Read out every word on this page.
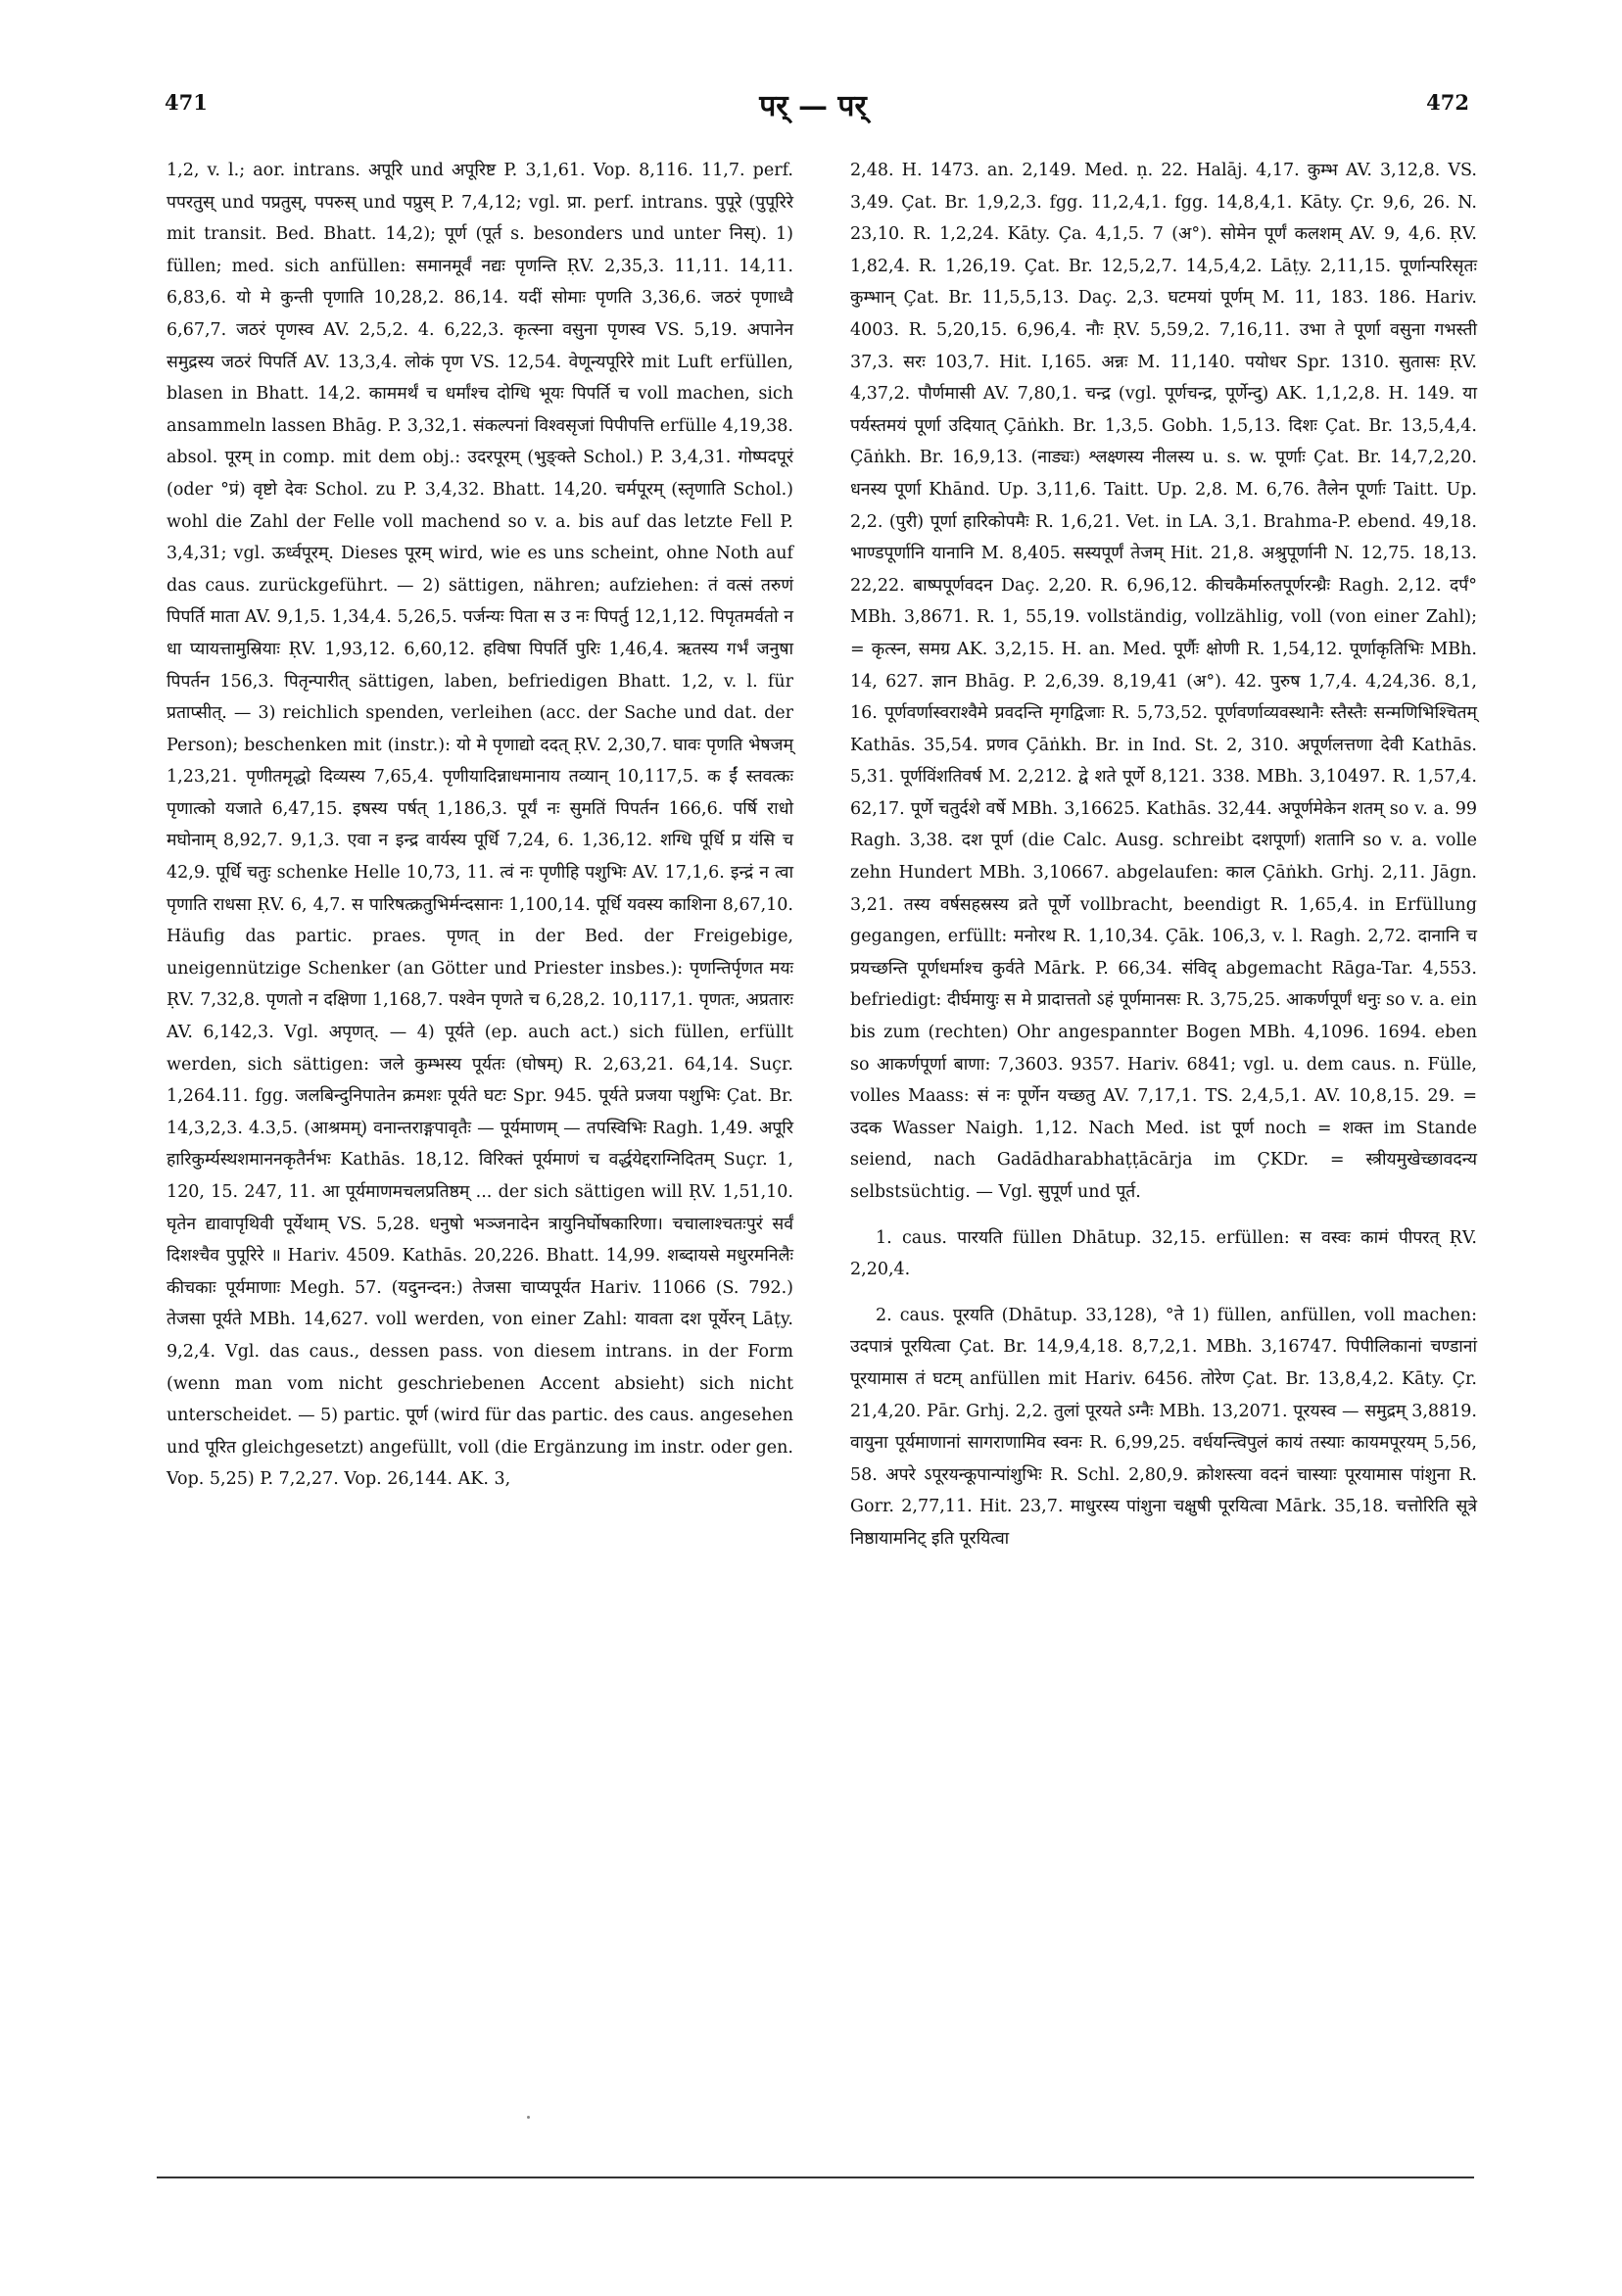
471	पर् — पर्	472

1,2, v. l.; aor. intrans. अपूरि und अपूरिष्ट P. 3,1,61. Vop. 8,116. 11,7. perf. पपरतुस् und पप्रतुस्, पपरुस् und पप्रुस् P. 7,4,12; vgl. प्रा. perf. intrans. पुपूरे (पुपूरिरे mit transit. Bed. Bhatt. 14,2); पूर्ण (पूर्त s. besonders und unter निस्). 1) füllen; med. sich anfüllen: समानमूर्वं नद्यः पृणन्ति ṚV. 2,35,3. 11,11. 14,11. 6,83,6. यो मे कुन्ती पृणाति 10,28,2. 86,14. यदीं सोमाः पृणति 3,36,6. जठरं पृणाध्वै 6,67,7. जठरं पृणस्व AV. 2,5,2. 4. 6,22,3. कृत्स्ना वसुना पृणस्व VS. 5,19. अपानेन समुद्रस्य जठरं पिपर्ति AV. 13,3,4. लोकं पृण VS. 12,54. वेणून्यपूरिरे mit Luft erfüllen, blasen in Bhatt. 14,2. काममर्थं च धर्मांश्च दोग्धि भूयः पिपर्ति च voll machen, sich ansammeln lassen Bhāg. P. 3,32,1. संकल्पनां विश्वसृजां पिपीपत्ति erfülle 4,19,38. absol. पूरम् in comp. mit dem obj.: उदरपूरम् (भुङ्क्ते Schol.) P. 3,4,31. गोष्पदपूरं (oder °प्रं) वृष्टो देवः Schol. zu P. 3,4,32. Bhatt. 14,20. चर्मपूरम् (स्तृणाति Schol.) wohl die Zahl der Felle voll machend so v. a. bis auf das letzte Fell P. 3,4,31; vgl. ऊर्ध्वपूरम्. Dieses पूरम् wird, wie es uns scheint, ohne Noth auf das caus. zurückgeführt. — 2) sättigen, nähren; aufziehen: तं वत्सं तरुणं पिपर्ति माता AV. 9,1,5. 1,34,4. 5,26,5. पर्जन्यः पिता स उ नः पिपर्तु 12,1,12. पिपृतमर्वतो न धा प्यायत्तामुस्रियाः ṚV. 1,93,12. 6,60,12. हविषा पिपर्ति पुरिः 1,46,4. ऋतस्य गर्भं जनुषा पिपर्तन 156,3. पितृन्पारीत् sättigen, laben, befriedigen Bhatt. 1,2, v. l. für प्रताप्सीत्. — 3) reichlich spenden, verleihen (acc. der Sache und dat. der Person); beschenken mit (instr.): यो मे पृणाद्यो ददत् ṚV. 2,30,7. घावः पृणति भेषजम् 1,23,21. पृणीतमृद्धो दिव्यस्य 7,65,4. पृणीयादिन्नाधमानाय तव्यान् 10,117,5. क ईं स्तवत्कः पृणात्को यजाते 6,47,15. इषस्य पर्षत् 1,186,3. पूर्यं नः सुमतिं पिपर्तन 166,6. पर्षि राधो मघोनाम् 8,92,7. 9,1,3. एवा न इन्द्र वार्यस्य पूर्धि 7,24, 6. 1,36,12. शग्धि पूर्धि प्र यंसि च 42,9. पूर्धि चतुः schenke Helle 10,73, 11. त्वं नः पृणीहि पशुभिः AV. 17,1,6. इन्द्रं न त्वा पृणाति राधसा ṚV. 6, 4,7. स पारिषत्क्रतुभिर्मन्दसानः 1,100,14. पूर्धि यवस्य काशिना 8,67,10. Häufig das partic. praes. पृणत् in der Bed. der Freigebige, uneigennützige Schenker (an Götter und Priester insbes.): पृणन्तिर्पृणत मयः ṚV. 7,32,8. पृणतो न दक्षिणा 1,168,7. पश्वेन पृणते च 6,28,2. 10,117,1. पृणतः, अप्रतारः AV. 6,142,3. Vgl. अपृणत्. — 4) पूर्यते (ep. auch act.) sich füllen, erfüllt werden, sich sättigen: जले कुम्भस्य पूर्यतः (घोषम्) R. 2,63,21. 64,14. Suçr. 1,264.11. fgg. जलबिन्दुनिपातेन क्रमशः पूर्यते घटः Spr. 945. पूर्यते प्रजया पशुभिः Çat. Br. 14,3,2,3. 4.3,5. (आश्रमम्) वनान्तराङ्गपावृतैः — पूर्यमाणम् — तपस्विभिः Ragh. 1,49. अपूरि हारिकुर्म्यस्थशमाननकृतैर्नभः Kathās. 18,12. विरिक्तं पूर्यमाणं च वर्द्धयेद्दराग्निदितम् Suçr. 1, 120, 15. 247, 11. आ पूर्यमाणमचलप्रतिष्ठम् ... der sich sättigen will ṚV. 1,51,10. घृतेन द्यावापृथिवी पूर्येथाम् VS. 5,28. धनुषो भञ्जनादेन त्रायुनिर्घोषकारिणा। चचालाश्चतःपुरं सर्वं दिशश्चैव पुपूरिरे ॥ Hariv. 4509. Kathās. 20,226. Bhatt. 14,99. शब्दायसे मधुरमनिलैः कीचकाः पूर्यमाणाः Megh. 57. (यदुनन्दन:) तेजसा चाप्यपूर्यत Hariv. 11066 (S. 792.) तेजसा पूर्यते MBh. 14,627. voll werden, von einer Zahl: यावता दश पूर्येरन् Lāṭy. 9,2,4. Vgl. das caus., dessen pass. von diesem intrans. in der Form (wenn man vom nicht geschriebenen Accent absieht) sich nicht unterscheidet. — 5) partic. पूर्ण (wird für das partic. des caus. angesehen und पूरित gleichgesetzt) angefüllt, voll (die Ergänzung im instr. oder gen. Vop. 5,25) P. 7,2,27. Vop. 26,144. AK. 3,

2,48. H. 1473. an. 2,149. Med. ṇ. 22. Halāj. 4,17. कुम्भ AV. 3,12,8. VS. 3,49. Çat. Br. 1,9,2,3. fgg. 11,2,4,1. fgg. 14,8,4,1. Kāty. Çr. 9,6, 26. N. 23,10. R. 1,2,24. Kāty. Ça. 4,1,5. 7 (अ°). सोमेन पूर्णं कलशम् AV. 9, 4,6. ṚV. 1,82,4. R. 1,26,19. Çat. Br. 12,5,2,7. 14,5,4,2. Lāṭy. 2,11,15. पूर्णान्परिसृतः कुम्भान् Çat. Br. 11,5,5,13. Daç. 2,3. घटमयां पूर्णम् M. 11, 183. 186. Hariv. 4003. R. 5,20,15. 6,96,4. नौः ṚV. 5,59,2. 7,16,11. उभा ते पूर्णा वसुना गभस्ती 37,3. सरः 103,7. Hit. I,165. अन्नः M. 11,140. पयोधर Spr. 1310. सुतासः ṚV. 4,37,2. पौर्णमासी AV. 7,80,1. चन्द्र (vgl. पूर्णचन्द्र, पूर्णेन्दु) AK. 1,1,2,8. H. 149. या पर्यस्तमयं पूर्णा उदियात् Çāṅkh. Br. 1,3,5. Gobh. 1,5,13. दिशः Çat. Br. 13,5,4,4. Çāṅkh. Br. 16,9,13. (नाड्यः) श्लक्ष्णस्य नीलस्य u. s. w. पूर्णाः Çat. Br. 14,7,2,20. धनस्य पूर्णा Khānd. Up. 3,11,6. Taitt. Up. 2,8. M. 6,76. तैलेन पूर्णाः Taitt. Up. 2,2. (पुरी) पूर्णा हारिकोपमैः R. 1,6,21. Vet. in LA. 3,1. Brahma-P. ebend. 49,18. भाण्डपूर्णानि यानानि M. 8,405. सस्यपूर्णं तेजम् Hit. 21,8. अश्रुपूर्णानी N. 12,75. 18,13. 22,22. बाष्पपूर्णवदन Daç. 2,20. R. 6,96,12. कीचकैर्मारुतपूर्णरन्ध्रैः Ragh. 2,12. दर्पं° MBh. 3,8671. R. 1, 55,19. vollständig, vollzählig, voll (von einer Zahl); = कृत्स्न, समग्र AK. 3,2,15. H. an. Med. पूर्णैः क्षोणी R. 1,54,12. पूर्णाकृतिभिः MBh. 14, 627. ज्ञान Bhāg. P. 2,6,39. 8,19,41 (अ°). 42. पुरुष 1,7,4. 4,24,36. 8,1, 16. पूर्णवर्णास्वराश्वैमे प्रवदन्ति मृगद्विजाः R. 5,73,52. पूर्णवर्णाव्यवस्थानैः स्तैस्तैः सन्मणिभिश्चितम् Kathās. 35,54. प्रणव Çāṅkh. Br. in Ind. St. 2, 310. अपूर्णलत्तणा देवी Kathās. 5,31. पूर्णविंशतिवर्ष M. 2,212. द्वे शते पूर्णे 8,121. 338. MBh. 3,10497. R. 1,57,4. 62,17. पूर्णे चतुर्दशे वर्षे MBh. 3,16625. Kathās. 32,44. अपूर्णमेकेन शतम् so v. a. 99 Ragh. 3,38. दश पूर्ण (die Calc. Ausg. schreibt दशपूर्णा) शतानि so v. a. volle zehn Hundert MBh. 3,10667. abgelaufen: काल Çāṅkh. Grhj. 2,11. Jāgn. 3,21. तस्य वर्षसहस्रस्य व्रते पूर्णे vollbracht, beendigt R. 1,65,4. in Erfüllung gegangen, erfüllt: मनोरथ R. 1,10,34. Çāk. 106,3, v. l. Ragh. 2,72. दानानि च प्रयच्छन्ति पूर्णधर्माश्च कुर्वते Mārk. P. 66,34. संविद् abgemacht Rāga-Tar. 4,553. befriedigt: दीर्घमायुः स मे प्रादात्ततो ऽहं पूर्णमानसः R. 3,75,25. आकर्णपूर्णं धनुः so v. a. ein bis zum (rechten) Ohr angespannter Bogen MBh. 4,1096. 1694. eben so आकर्णपूर्णा बाणा: 7,3603. 9357. Hariv. 6841; vgl. u. dem caus. n. Fülle, volles Maass: सं नः पूर्णेन यच्छतु AV. 7,17,1. TS. 2,4,5,1. AV. 10,8,15. 29. = उदक Wasser Naigh. 1,12. Nach Med. ist पूर्ण noch = शक्त im Stande seiend, nach Gadādharabhaṭṭācārja im ÇKDr. = स्त्रीयमुखेच्छावदन्य selbstsüchtig. — Vgl. सुपूर्ण und पूर्त.

1. caus. पारयति füllen Dhātup. 32,15. erfüllen: स वस्वः कामं पीपरत् ṚV. 2,20,4.

2. caus. पूरयति (Dhātup. 33,128), °ते 1) füllen, anfüllen, voll machen: उदपात्रं पूरयित्वा Çat. Br. 14,9,4,18. 8,7,2,1. MBh. 3,16747. पिपीलिकानां चण्डानां पूरयामास तं घटम् anfüllen mit Hariv. 6456. तोरेण Çat. Br. 13,8,4,2. Kāty. Çr. 21,4,20. Pār. Grhj. 2,2. तुलां पूरयते ऽग्नैः MBh. 13,2071. पूरयस्व — समुद्रम् 3,8819. वायुना पूर्यमाणानां सागराणामिव स्वनः R. 6,99,25. वर्धयन्त्विपुलं कायं तस्याः कायमपूरयम् 5,56, 58. अपरे ऽपूरयन्कूपान्पांशुभिः R. Schl. 2,80,9. क्रोशस्त्या वदनं चास्याः पूरयामास पांशुना R. Gorr. 2,77,11. Hit. 23,7. माधुरस्य पांशुना चक्षुषी पूरयित्वा Mārk. 35,18. चत्तोरिति सूत्रे निष्ठायामनिट् इति पूरयित्वा
